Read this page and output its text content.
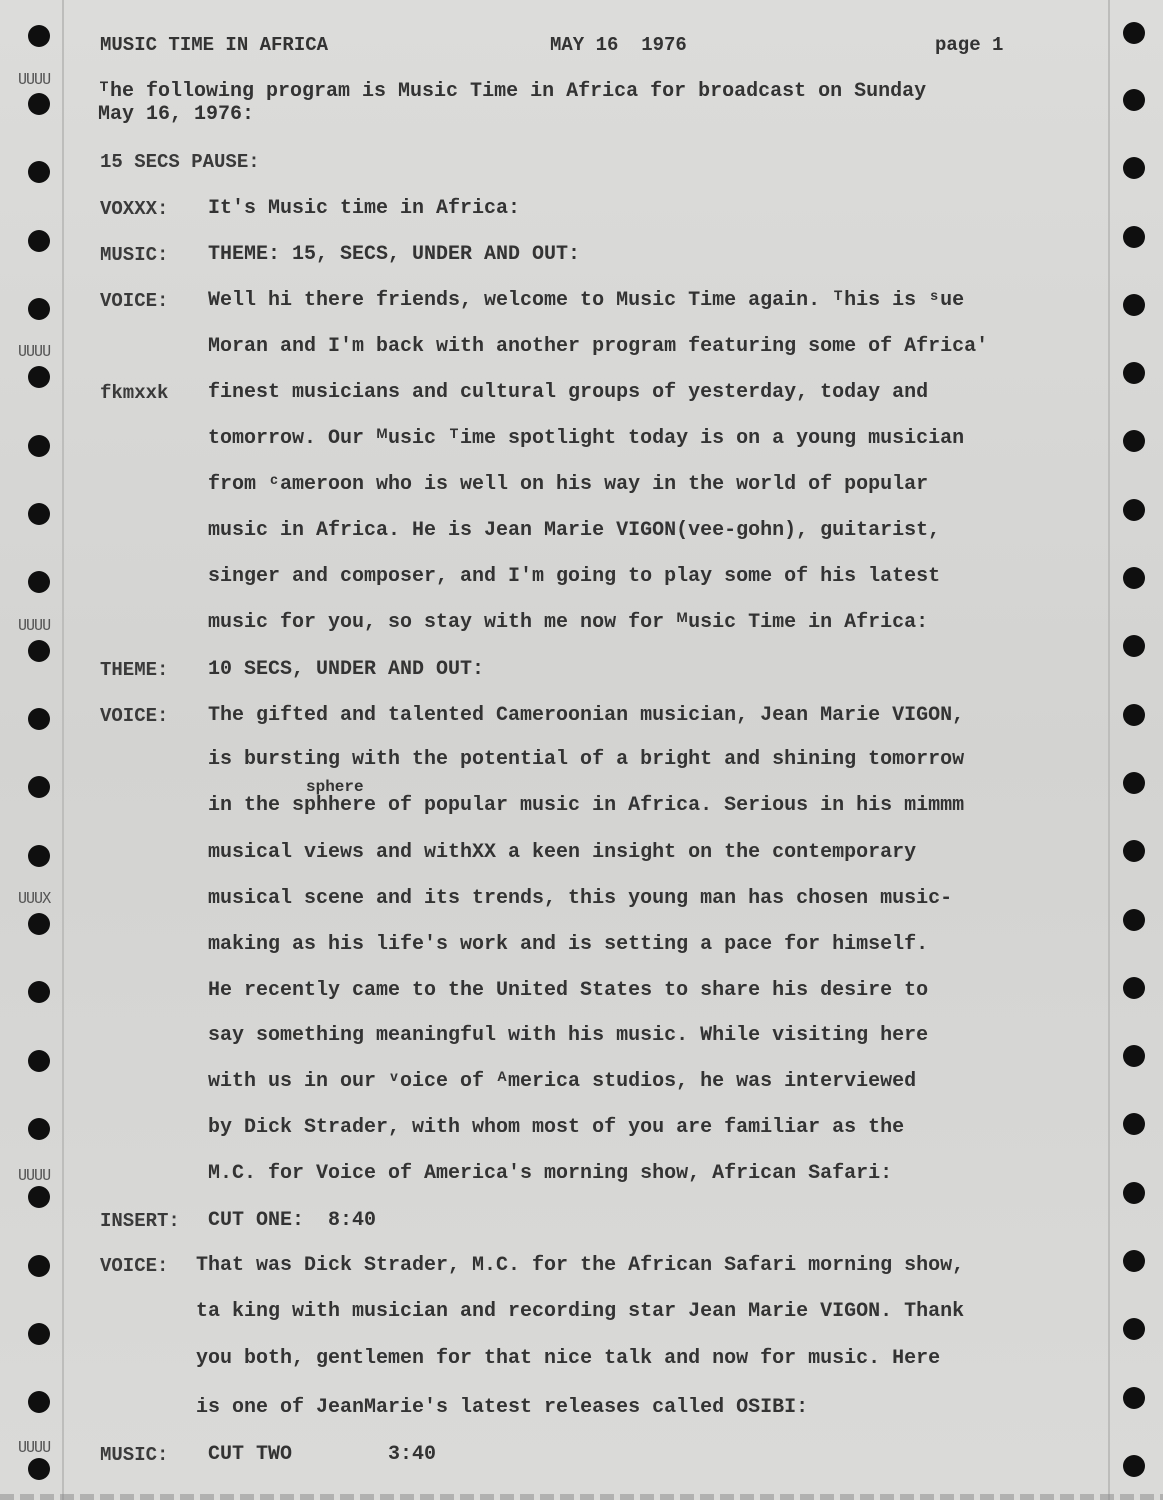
UUUU
UUUU
UUUU
UUUX
UUUU
UUUU
MUSIC TIME IN AFRICA	MAY 16  1976	page 1
ᵀhe following program is Music Time in Africa for broadcast on Sunday
May 16, 1976:
15 SECS PAUSE:
VOXXX: It's Music time in Africa:
MUSIC: THEME: 15, SECS, UNDER AND OUT:
VOICE: Well hi there friends, welcome to Music Time again. ᵀhis is ˢue
Moran and I'm back with another program featuring some of Africa'
fkmxxk finest musicians and cultural groups of yesterday, today and
tomorrow. Our ᴹusic ᵀime spotlight today is on a young musician
from ᶜameroon who is well on his way in the world of popular
music in Africa. He is Jean Marie VIGON(vee-gohn), guitarist,
singer and composer, and I'm going to play some of his latest
music for you, so stay with me now for ᴹusic Time in Africa:
THEME: 10 SECS, UNDER AND OUT:
VOICE: The gifted and talented Cameroonian musician, Jean Marie VIGON,
is bursting with the potential of a bright and shining tomorrow
sphere
in the sphhere of popular music in Africa. Serious in his mimmm
musical views and withXX a keen insight on the contemporary
musical scene and its trends, this young man has chosen music-
making as his life's work and is setting a pace for himself.
He recently came to the United States to share his desire to
say something meaningful with his music. While visiting here
with us in our ᵛoice of ᴬmerica studios, he was interviewed
by Dick Strader, with whom most of you are familiar as the
M.C. for Voice of America's morning show, African Safari:
INSERT: CUT ONE:  8:40
VOICE: That was Dick Strader, M.C. for the African Safari morning show,
ta king with musician and recording star Jean Marie VIGON. Thank
you both, gentlemen for that nice talk and now for music. Here
is one of JeanMarie's latest releases called OSIBI:
MUSIC: CUT TWO        3:40
